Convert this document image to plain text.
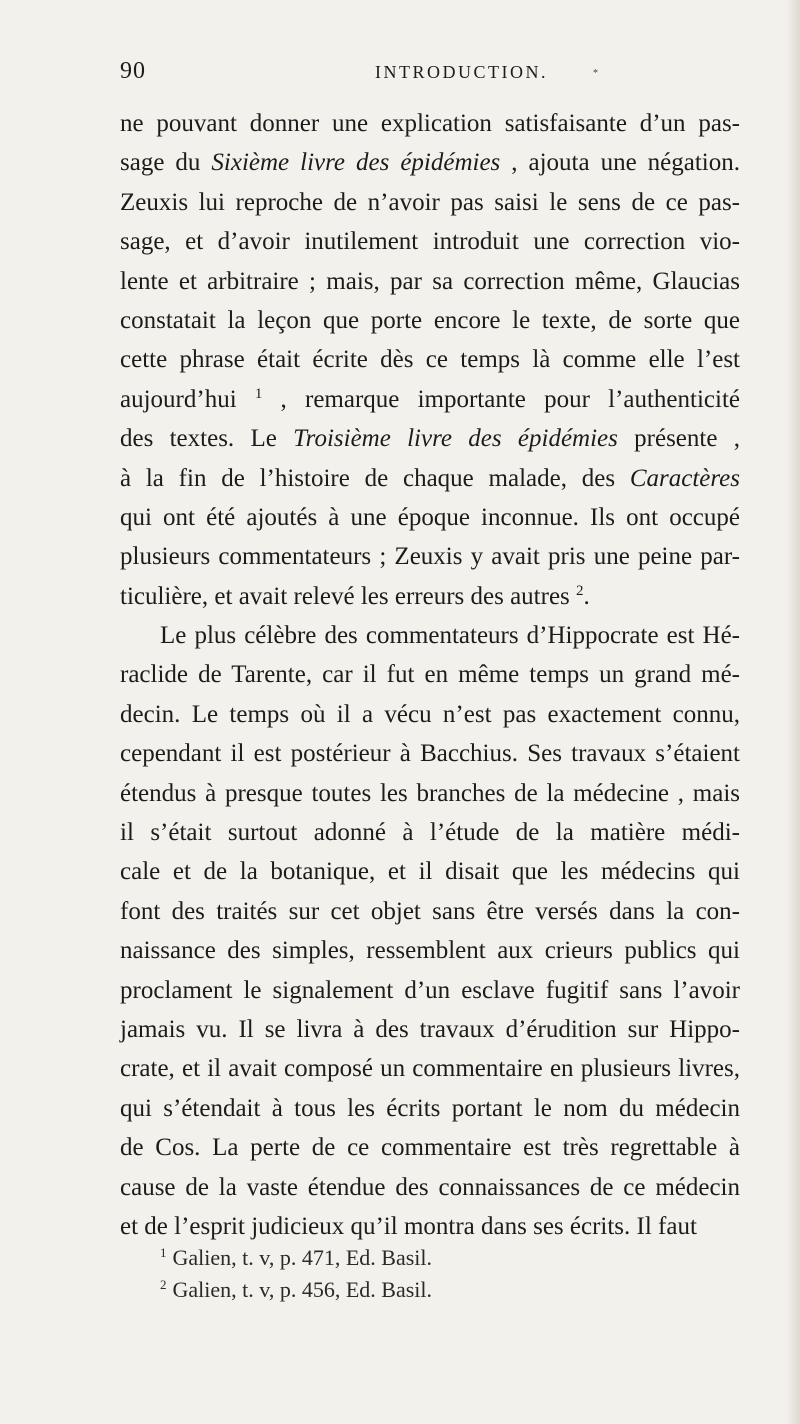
90	*
INTRODUCTION.
ne pouvant donner une explication satisfaisante d’un pas-
sage du Sixième livre des épidémies , ajouta une négation.
Zeuxis lui reproche de n’avoir pas saisi le sens de ce pas-
sage, et d’avoir inutilement introduit une correction vio-
lente et arbitraire ; mais, par sa correction même, Glaucias
constatait la leçon que porte encore le texte, de sorte que
cette phrase était écrite dès ce temps là comme elle l’est
aujourd’hui $^1$ , remarque importante pour l’authenticité
des textes. Le Troisième livre des épidémies présente ,
à la fin de l’histoire de chaque malade, des Caractères
qui ont été ajoutés à une époque inconnue. Ils ont occupé
plusieurs commentateurs ; Zeuxis y avait pris une peine par-
ticulière, et avait relevé les erreurs des autres $^2$.
Le plus célèbre des commentateurs d’Hippocrate est Hé-
raclide de Tarente, car il fut en même temps un grand mé-
decin. Le temps où il a vécu n’est pas exactement connu,
cependant il est postérieur à Bacchius. Ses travaux s’étaient
étendus à presque toutes les branches de la médecine , mais
il s’était surtout adonné à l’étude de la matière médi-
cale et de la botanique, et il disait que les médecins qui
font des traités sur cet objet sans être versés dans la con-
naissance des simples, ressemblent aux crieurs publics qui
proclament le signalement d’un esclave fugitif sans l’avoir
jamais vu. Il se livra à des travaux d’érudition sur Hippo-
crate, et il avait composé un commentaire en plusieurs livres,
qui s’étendait à tous les écrits portant le nom du médecin
de Cos. La perte de ce commentaire est très regrettable à
cause de la vaste étendue des connaissances de ce médecin
et de l’esprit judicieux qu’il montra dans ses écrits. Il faut
$^1$ Galien, t. v, p. 471, Ed. Basil.
$^2$ Galien, t. v, p. 456, Ed. Basil.
